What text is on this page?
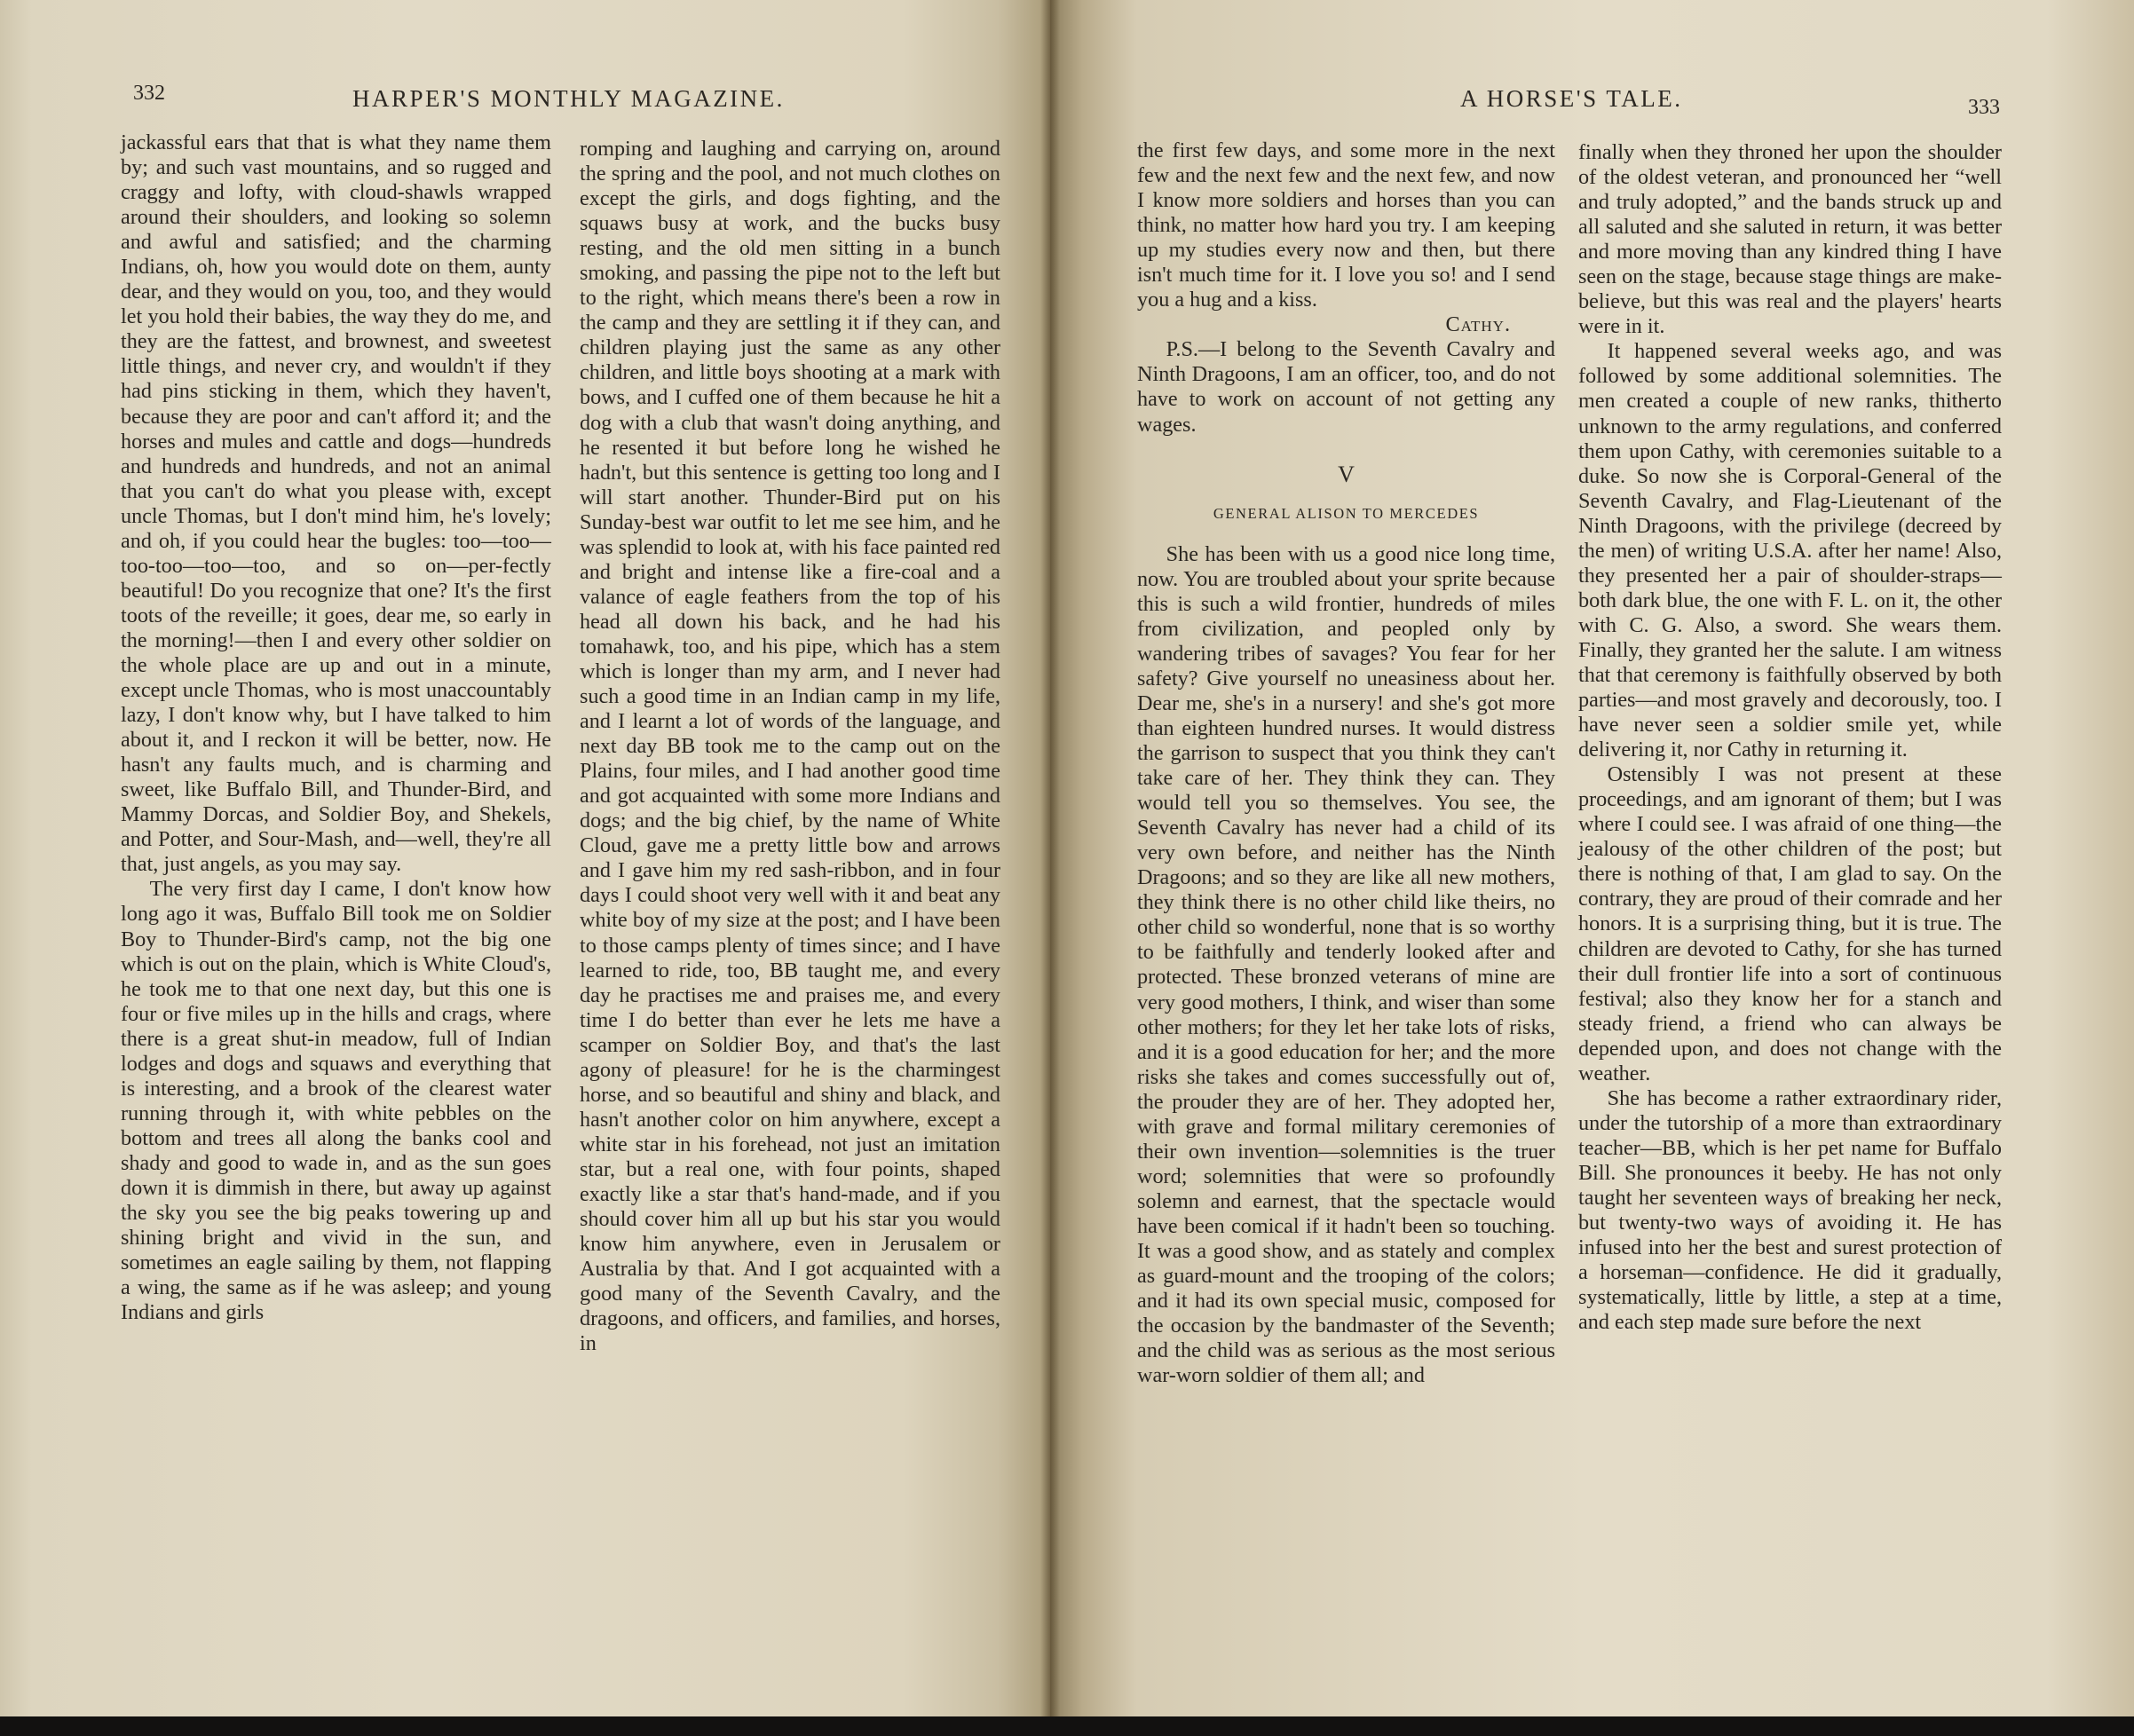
332	HARPER'S MONTHLY MAGAZINE.

jackassful ears that that is what they name them by; and such vast mountains, and so rugged and craggy and lofty, with cloud-shawls wrapped around their shoulders, and looking so solemn and awful and satisfied; and the charming Indians, oh, how you would dote on them, aunty dear, and they would on you, too, and they would let you hold their babies, the way they do me, and they are the fattest, and brownest, and sweetest little things, and never cry, and wouldn't if they had pins sticking in them, which they haven't, because they are poor and can't afford it; and the horses and mules and cattle and dogs—hundreds and hundreds and hundreds, and not an animal that you can't do what you please with, except uncle Thomas, but I don't mind him, he's lovely; and oh, if you could hear the bugles: too—too—too-too—too—too, and so on—per-fectly beautiful! Do you recognize that one? It's the first toots of the reveille; it goes, dear me, so early in the morning!—then I and every other soldier on the whole place are up and out in a minute, except uncle Thomas, who is most unaccountably lazy, I don't know why, but I have talked to him about it, and I reckon it will be better, now. He hasn't any faults much, and is charming and sweet, like Buffalo Bill, and Thunder-Bird, and Mammy Dorcas, and Soldier Boy, and Shekels, and Potter, and Sour-Mash, and—well, they're all that, just angels, as you may say.

The very first day I came, I don't know how long ago it was, Buffalo Bill took me on Soldier Boy to Thunder-Bird's camp, not the big one which is out on the plain, which is White Cloud's, he took me to that one next day, but this one is four or five miles up in the hills and crags, where there is a great shut-in meadow, full of Indian lodges and dogs and squaws and everything that is interesting, and a brook of the clearest water running through it, with white pebbles on the bottom and trees all along the banks cool and shady and good to wade in, and as the sun goes down it is dimmish in there, but away up against the sky you see the big peaks towering up and shining bright and vivid in the sun, and sometimes an eagle sailing by them, not flapping a wing, the same as if he was asleep; and young Indians and girls

romping and laughing and carrying on, around the spring and the pool, and not much clothes on except the girls, and dogs fighting, and the squaws busy at work, and the bucks busy resting, and the old men sitting in a bunch smoking, and passing the pipe not to the left but to the right, which means there's been a row in the camp and they are settling it if they can, and children playing just the same as any other children, and little boys shooting at a mark with bows, and I cuffed one of them because he hit a dog with a club that wasn't doing anything, and he resented it but before long he wished he hadn't, but this sentence is getting too long and I will start another. Thunder-Bird put on his Sunday-best war outfit to let me see him, and he was splendid to look at, with his face painted red and bright and intense like a fire-coal and a valance of eagle feathers from the top of his head all down his back, and he had his tomahawk, too, and his pipe, which has a stem which is longer than my arm, and I never had such a good time in an Indian camp in my life, and I learnt a lot of words of the language, and next day BB took me to the camp out on the Plains, four miles, and I had another good time and got acquainted with some more Indians and dogs; and the big chief, by the name of White Cloud, gave me a pretty little bow and arrows and I gave him my red sash-ribbon, and in four days I could shoot very well with it and beat any white boy of my size at the post; and I have been to those camps plenty of times since; and I have learned to ride, too, BB taught me, and every day he practises me and praises me, and every time I do better than ever he lets me have a scamper on Soldier Boy, and that's the last agony of pleasure! for he is the charmingest horse, and so beautiful and shiny and black, and hasn't another color on him anywhere, except a white star in his forehead, not just an imitation star, but a real one, with four points, shaped exactly like a star that's hand-made, and if you should cover him all up but his star you would know him anywhere, even in Jerusalem or Australia by that. And I got acquainted with a good many of the Seventh Cavalry, and the dragoons, and officers, and families, and horses, in

A HORSE'S TALE.	333

the first few days, and some more in the next few and the next few and the next few, and now I know more soldiers and horses than you can think, no matter how hard you try. I am keeping up my studies every now and then, but there isn't much time for it. I love you so! and I send you a hug and a kiss.

Cathy.

P.S.—I belong to the Seventh Cavalry and Ninth Dragoons, I am an officer, too, and do not have to work on account of not getting any wages.

V
GENERAL ALISON TO MERCEDES

She has been with us a good nice long time, now. You are troubled about your sprite because this is such a wild frontier, hundreds of miles from civilization, and peopled only by wandering tribes of savages? You fear for her safety? Give yourself no uneasiness about her. Dear me, she's in a nursery! and she's got more than eighteen hundred nurses. It would distress the garrison to suspect that you think they can't take care of her. They think they can. They would tell you so themselves. You see, the Seventh Cavalry has never had a child of its very own before, and neither has the Ninth Dragoons; and so they are like all new mothers, they think there is no other child like theirs, no other child so wonderful, none that is so worthy to be faithfully and tenderly looked after and protected. These bronzed veterans of mine are very good mothers, I think, and wiser than some other mothers; for they let her take lots of risks, and it is a good education for her; and the more risks she takes and comes successfully out of, the prouder they are of her. They adopted her, with grave and formal military ceremonies of their own invention—solemnities is the truer word; solemnities that were so profoundly solemn and earnest, that the spectacle would have been comical if it hadn't been so touching. It was a good show, and as stately and complex as guard-mount and the trooping of the colors; and it had its own special music, composed for the occasion by the bandmaster of the Seventh; and the child was as serious as the most serious war-worn soldier of them all; and

finally when they throned her upon the shoulder of the oldest veteran, and pronounced her “well and truly adopted,” and the bands struck up and all saluted and she saluted in return, it was better and more moving than any kindred thing I have seen on the stage, because stage things are make-believe, but this was real and the players' hearts were in it.

It happened several weeks ago, and was followed by some additional solemnities. The men created a couple of new ranks, thitherto unknown to the army regulations, and conferred them upon Cathy, with ceremonies suitable to a duke. So now she is Corporal-General of the Seventh Cavalry, and Flag-Lieutenant of the Ninth Dragoons, with the privilege (decreed by the men) of writing U.S.A. after her name! Also, they presented her a pair of shoulder-straps—both dark blue, the one with F. L. on it, the other with C. G. Also, a sword. She wears them. Finally, they granted her the salute. I am witness that that ceremony is faithfully observed by both parties—and most gravely and decorously, too. I have never seen a soldier smile yet, while delivering it, nor Cathy in returning it.

Ostensibly I was not present at these proceedings, and am ignorant of them; but I was where I could see. I was afraid of one thing—the jealousy of the other children of the post; but there is nothing of that, I am glad to say. On the contrary, they are proud of their comrade and her honors. It is a surprising thing, but it is true. The children are devoted to Cathy, for she has turned their dull frontier life into a sort of continuous festival; also they know her for a stanch and steady friend, a friend who can always be depended upon, and does not change with the weather.

She has become a rather extraordinary rider, under the tutorship of a more than extraordinary teacher—BB, which is her pet name for Buffalo Bill. She pronounces it beeby. He has not only taught her seventeen ways of breaking her neck, but twenty-two ways of avoiding it. He has infused into her the best and surest protection of a horseman—confidence. He did it gradually, systematically, little by little, a step at a time, and each step made sure before the next
